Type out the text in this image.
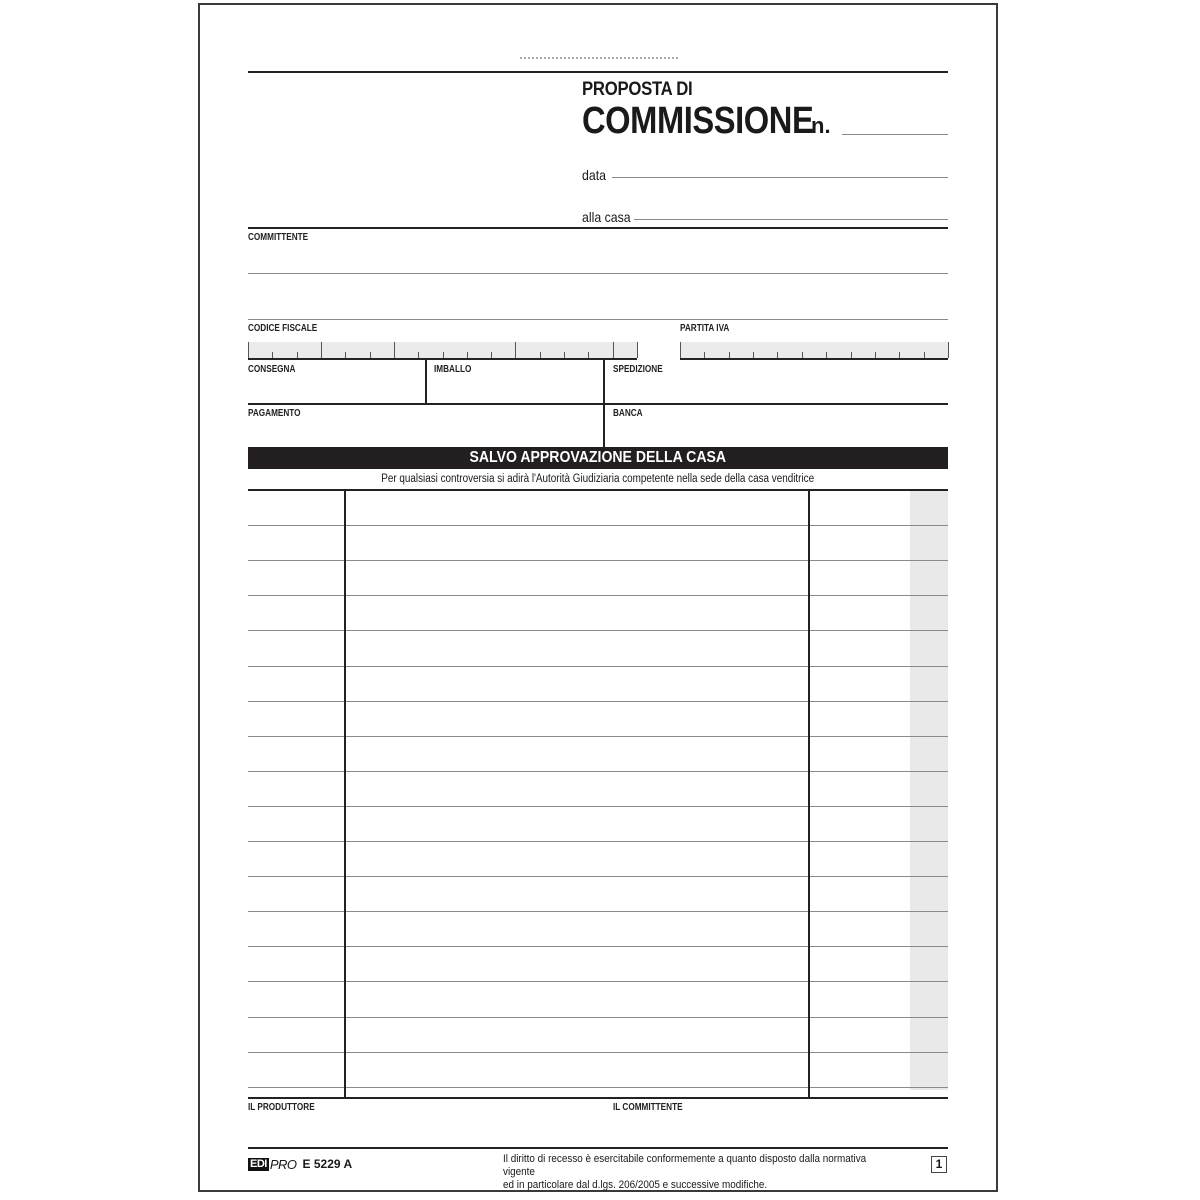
PROPOSTA DI
COMMISSIONE
n.
data
alla casa
COMMITTENTE
CODICE FISCALE	PARTITA IVA
CONSEGNA	IMBALLO	SPEDIZIONE
PAGAMENTO	BANCA
SALVO APPROVAZIONE DELLA CASA
Per qualsiasi controversia si adirà l'Autorità Giudiziaria competente nella sede della casa venditrice
IL PRODUTTORE	IL COMMITTENTE
EDI PRO E 5229 A	Il diritto di recesso è esercitabile conformemente a quanto disposto dalla normativa vigente
ed in particolare dal d.lgs. 206/2005 e successive modifiche.
1
